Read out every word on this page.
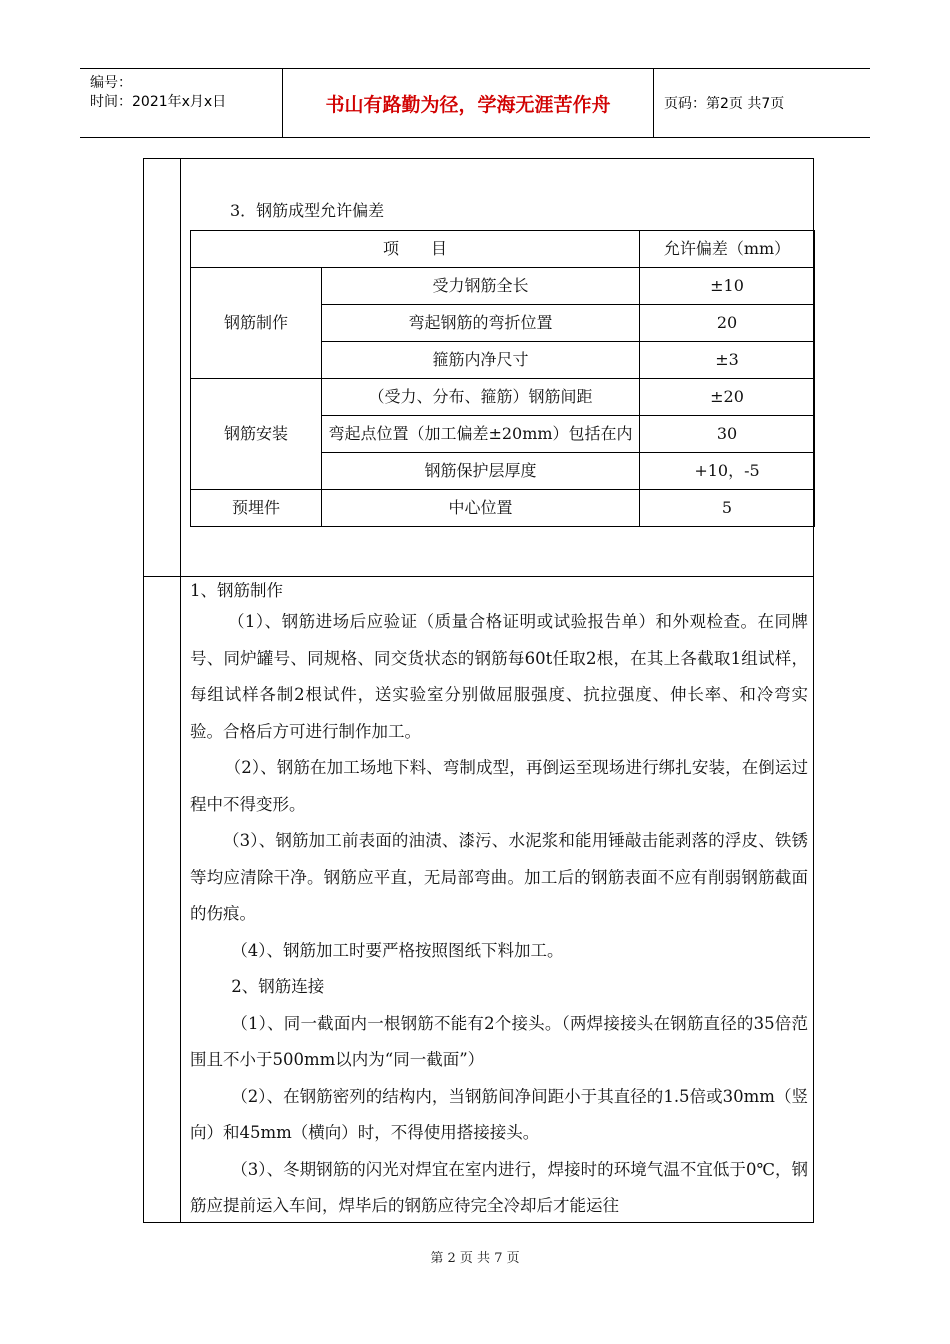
编号：
时间：2021年x月x日	书山有路勤为径，学海无涯苦作舟	页码：第2页 共7页
3．钢筋成型允许偏差
项　　目		允许偏差（mm）
钢筋制作	受力钢筋全长	±10
	弯起钢筋的弯折位置	20
	箍筋内净尺寸	±3
钢筋安装	（受力、分布、箍筋）钢筋间距	±20
	弯起点位置（加工偏差±20mm）包括在内	30
	钢筋保护层厚度	+10，-5
预埋件	中心位置	5

1、钢筋制作

（1）、钢筋进场后应验证（质量合格证明或试验报告单）和外观检查。在同牌号、同炉罐号、同规格、同交货状态的钢筋每60t任取2根，在其上各截取1组试样，每组试样各制2根试件，送实验室分别做屈服强度、抗拉强度、伸长率、和冷弯实验。合格后方可进行制作加工。

（2）、钢筋在加工场地下料、弯制成型，再倒运至现场进行绑扎安装，在倒运过程中不得变形。

（3）、钢筋加工前表面的油渍、漆污、水泥浆和能用锤敲击能剥落的浮皮、铁锈等均应清除干净。钢筋应平直，无局部弯曲。加工后的钢筋表面不应有削弱钢筋截面的伤痕。

（4）、钢筋加工时要严格按照图纸下料加工。

2、钢筋连接

（1）、同一截面内一根钢筋不能有2个接头。（两焊接接头在钢筋直径的35倍范围且不小于500mm以内为“同一截面”）

（2）、在钢筋密列的结构内，当钢筋间净间距小于其直径的1.5倍或30mm（竖向）和45mm（横向）时，不得使用搭接接头。

（3）、冬期钢筋的闪光对焊宜在室内进行，焊接时的环境气温不宜低于0℃，钢筋应提前运入车间，焊毕后的钢筋应待完全冷却后才能运往

第 2 页 共 7 页
